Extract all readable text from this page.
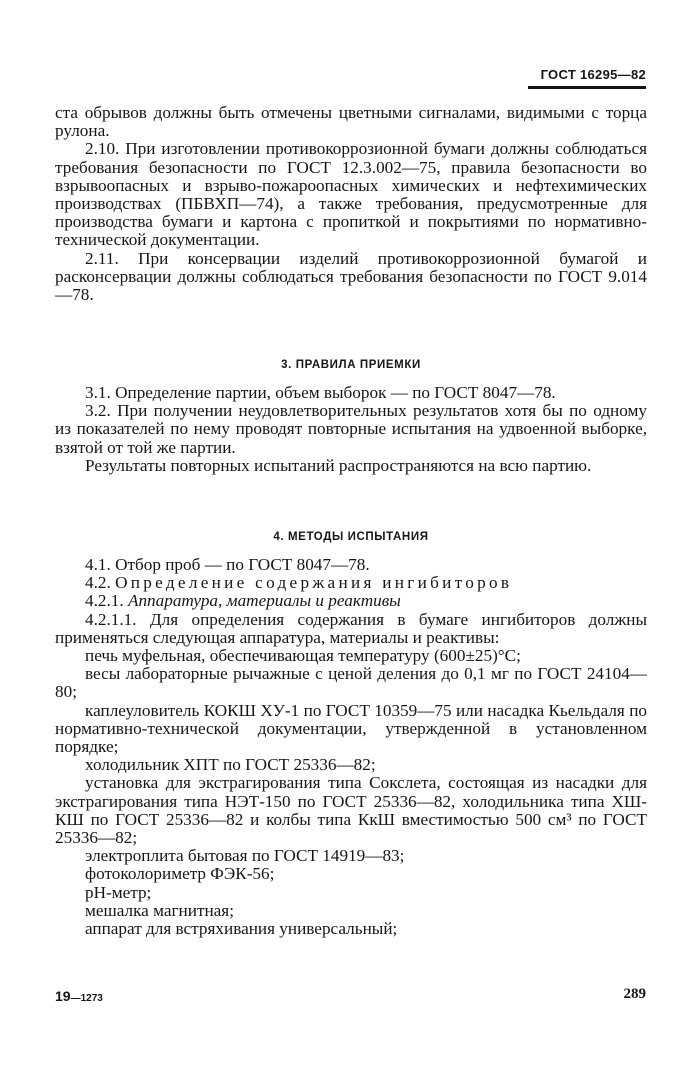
ГОСТ 16295—82

ста обрывов должны быть отмечены цветными сигналами, видимыми с торца рулона.

2.10. При изготовлении противокоррозионной бумаги должны соблюдаться требования безопасности по ГОСТ 12.3.002—75, правила безопасности во взрывоопасных и взрыво-пожароопасных химических и нефтехимических производствах (ПБВХП—74), а также требования, предусмотренные для производства бумаги и картона с пропиткой и покрытиями по нормативно-технической документации.

2.11. При консервации изделий противокоррозионной бумагой и расконсервации должны соблюдаться требования безопасности по ГОСТ 9.014—78.

3. ПРАВИЛА ПРИЕМКИ

3.1. Определение партии, объем выборок — по ГОСТ 8047—78.

3.2. При получении неудовлетворительных результатов хотя бы по одному из показателей по нему проводят повторные испытания на удвоенной выборке, взятой от той же партии.

Результаты повторных испытаний распространяются на всю партию.

4. МЕТОДЫ ИСПЫТАНИЯ

4.1. Отбор проб — по ГОСТ 8047—78.

4.2. Определение содержания ингибиторов

4.2.1. Аппаратура, материалы и реактивы

4.2.1.1. Для определения содержания в бумаге ингибиторов должны применяться следующая аппаратура, материалы и реактивы:

печь муфельная, обеспечивающая температуру (600±25)°С;

весы лабораторные рычажные с ценой деления до 0,1 мг по ГОСТ 24104—80;

каплеуловитель КОКШ ХУ-1 по ГОСТ 10359—75 или насадка Кьельдаля по нормативно-технической документации, утвержденной в установленном порядке;

холодильник ХПТ по ГОСТ 25336—82;

установка для экстрагирования типа Сокслета, состоящая из насадки для экстрагирования типа НЭТ-150 по ГОСТ 25336—82, холодильника типа ХШ-КШ по ГОСТ 25336—82 и колбы типа КкШ вместимостью 500 см³ по ГОСТ 25336—82;

электроплита бытовая по ГОСТ 14919—83;

фотоколориметр ФЭК-56;

рН-метр;

мешалка магнитная;

аппарат для встряхивания универсальный;

19—1273	289
